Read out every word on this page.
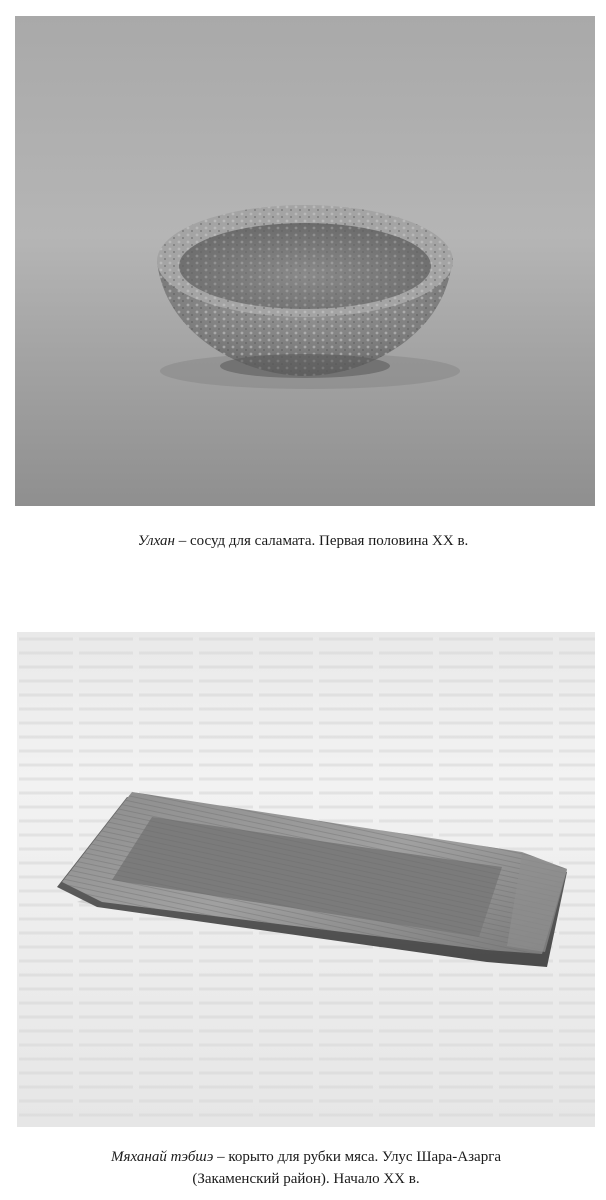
Улхан – сосуд для саламата. Первая половина XX в.
Мяханай тэбшэ – корыто для рубки мяса. Улус Шара-Азарга
(Закаменский район). Начало XX в.
